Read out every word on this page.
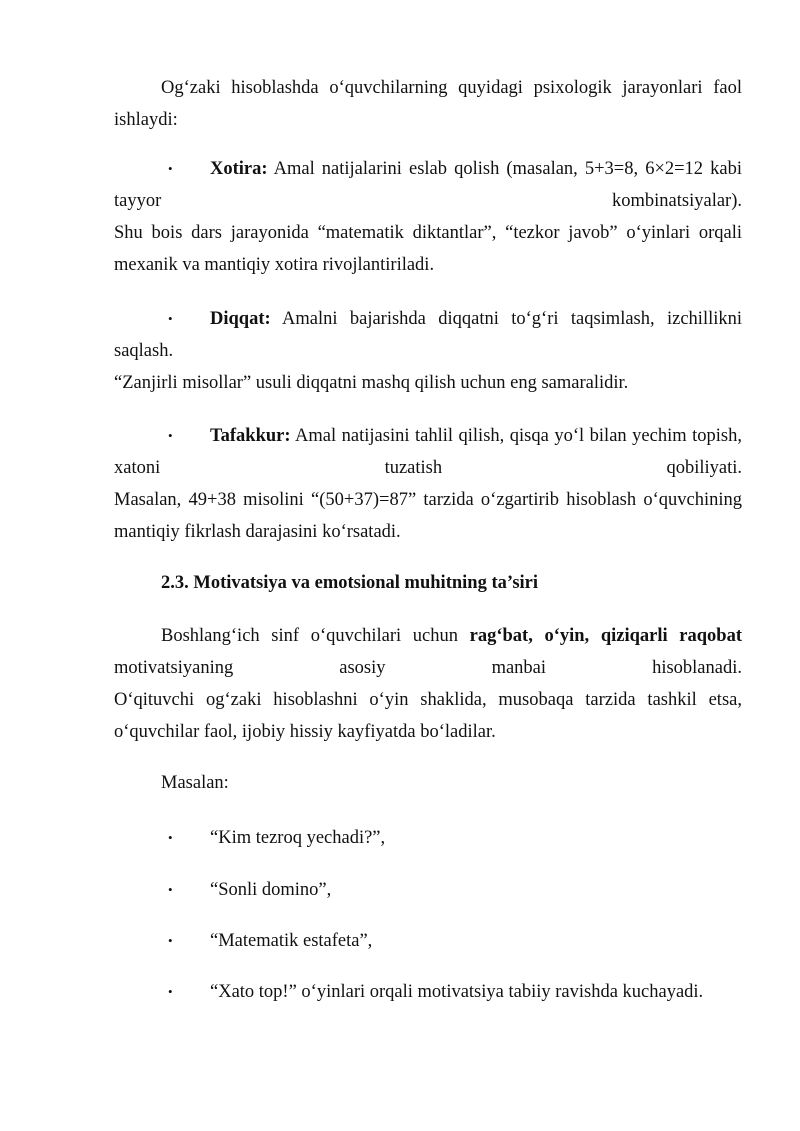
Og‘zaki hisoblashda o‘quvchilarning quyidagi psixologik jarayonlari faol
ishlaydi:
• Xotira: Amal natijalarini eslab qolish (masalan, 5+3=8, 6×2=12 kabi
tayyor	kombinatsiyalar).
Shu bois dars jarayonida “matematik diktantlar”, “tezkor javob” o‘yinlari orqali
mexanik va mantiqiy xotira rivojlantiriladi.
• Diqqat: Amalni bajarishda diqqatni to‘g‘ri taqsimlash, izchillikni
saqlash.
“Zanjirli misollar” usuli diqqatni mashq qilish uchun eng samaralidir.
• Tafakkur: Amal natijasini tahlil qilish, qisqa yo‘l bilan yechim topish,
xatoni	tuzatish	qobiliyati.
Masalan, 49+38 misolini “(50+37)=87” tarzida o‘zgartirib hisoblash o‘quvchining
mantiqiy fikrlash darajasini ko‘rsatadi.
2.3. Motivatsiya va emotsional muhitning ta’siri
Boshlang‘ich sinf o‘quvchilari uchun rag‘bat, o‘yin, qiziqarli raqobat
motivatsiyaning	asosiy	manbai	hisoblanadi.
O‘qituvchi og‘zaki hisoblashni o‘yin shaklida, musobaqa tarzida tashkil etsa,
o‘quvchilar faol, ijobiy hissiy kayfiyatda bo‘ladilar.
Masalan:
• “Kim tezroq yechadi?”,
• “Sonli domino”,
• “Matematik estafeta”,
• “Xato top!” o‘yinlari orqali motivatsiya tabiiy ravishda kuchayadi.
